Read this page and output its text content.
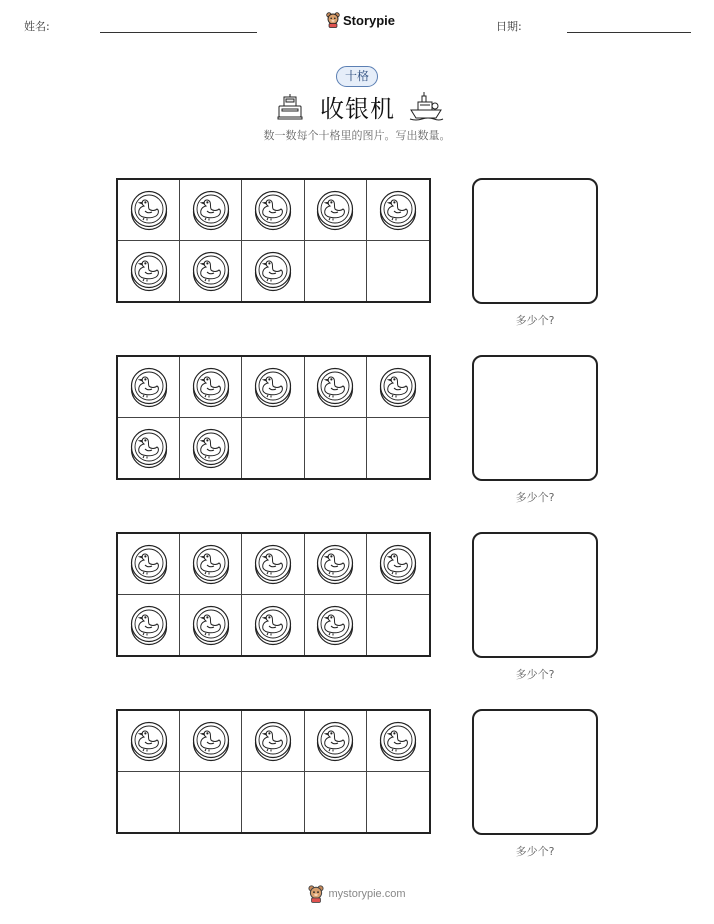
姓名:	Storypie	日期:
十格
收银机
数一数每个十格里的图片。写出数量。
多少个?
多少个?
多少个?
多少个?
mystorypie.com
